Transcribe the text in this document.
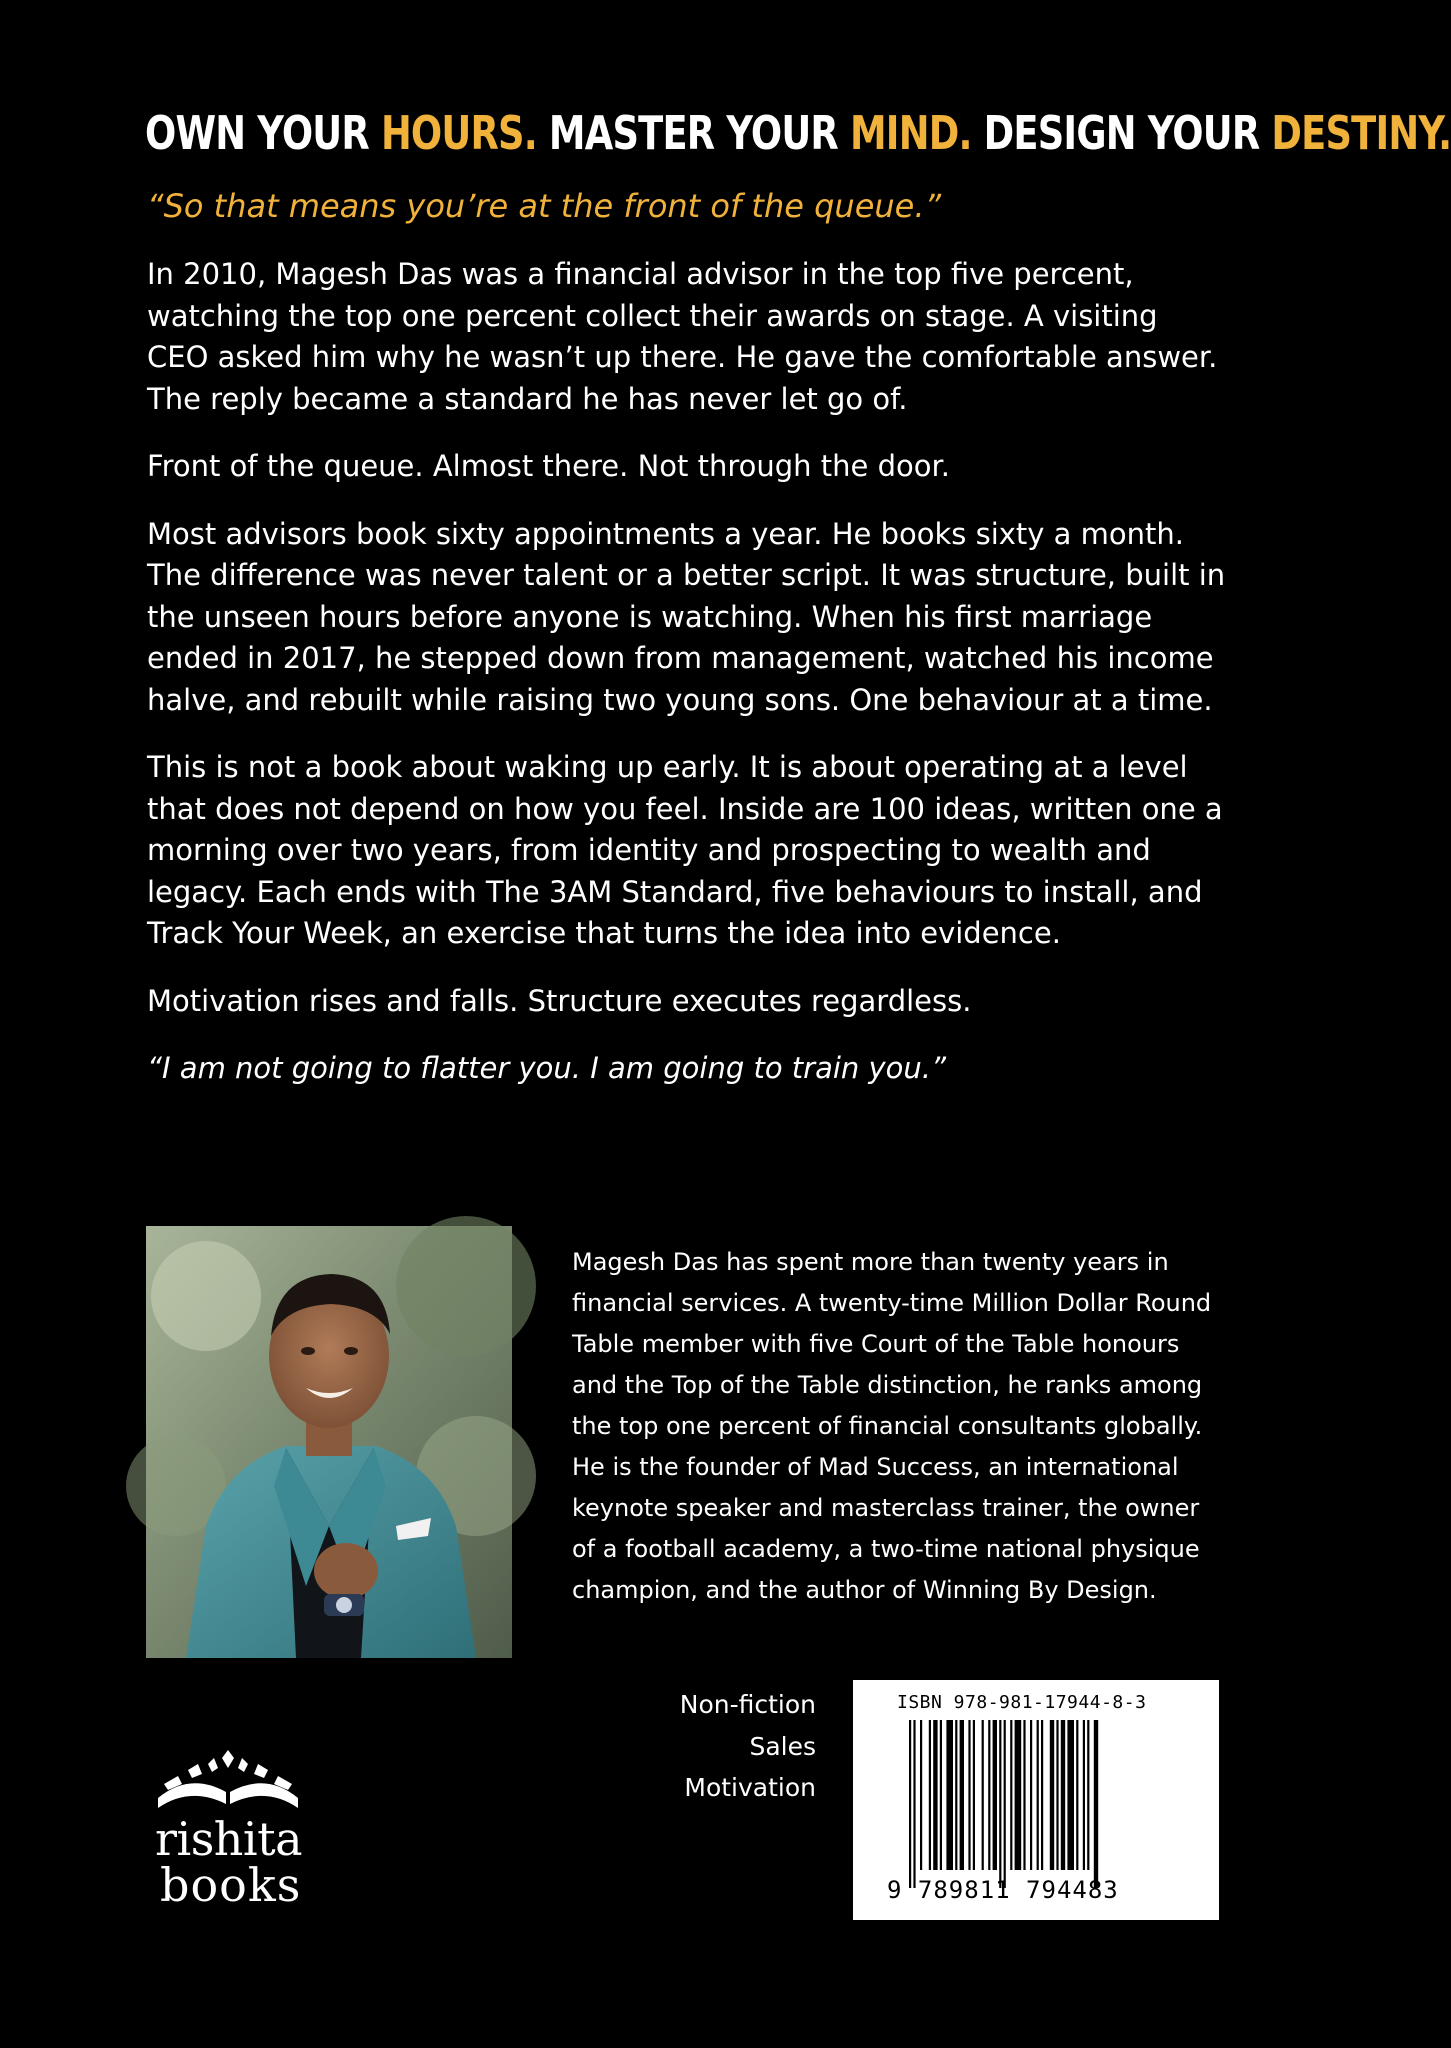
OWN YOUR HOURS. MASTER YOUR MIND. DESIGN YOUR DESTINY.

“So that means you’re at the front of the queue.”

In 2010, Magesh Das was a financial advisor in the top five percent, watching the top one percent collect their awards on stage. A visiting CEO asked him why he wasn’t up there. He gave the comfortable answer. The reply became a standard he has never let go of.

Front of the queue. Almost there. Not through the door.

Most advisors book sixty appointments a year. He books sixty a month. The difference was never talent or a better script. It was structure, built in the unseen hours before anyone is watching. When his first marriage ended in 2017, he stepped down from management, watched his income halve, and rebuilt while raising two young sons. One behaviour at a time.

This is not a book about waking up early. It is about operating at a level that does not depend on how you feel. Inside are 100 ideas, written one a morning over two years, from identity and prospecting to wealth and legacy. Each ends with The 3AM Standard, five behaviours to install, and Track Your Week, an exercise that turns the idea into evidence.

Motivation rises and falls. Structure executes regardless.

“I am not going to flatter you. I am going to train you.”

Magesh Das has spent more than twenty years in financial services. A twenty-time Million Dollar Round Table member with five Court of the Table honours and the Top of the Table distinction, he ranks among the top one percent of financial consultants globally. He is the founder of Mad Success, an international keynote speaker and masterclass trainer, the owner of a football academy, a two-time national physique champion, and the author of Winning By Design.

Non-fiction
Sales
Motivation
ISBN 978-981-17944-8-3
9 789811 794483
rishita
books
